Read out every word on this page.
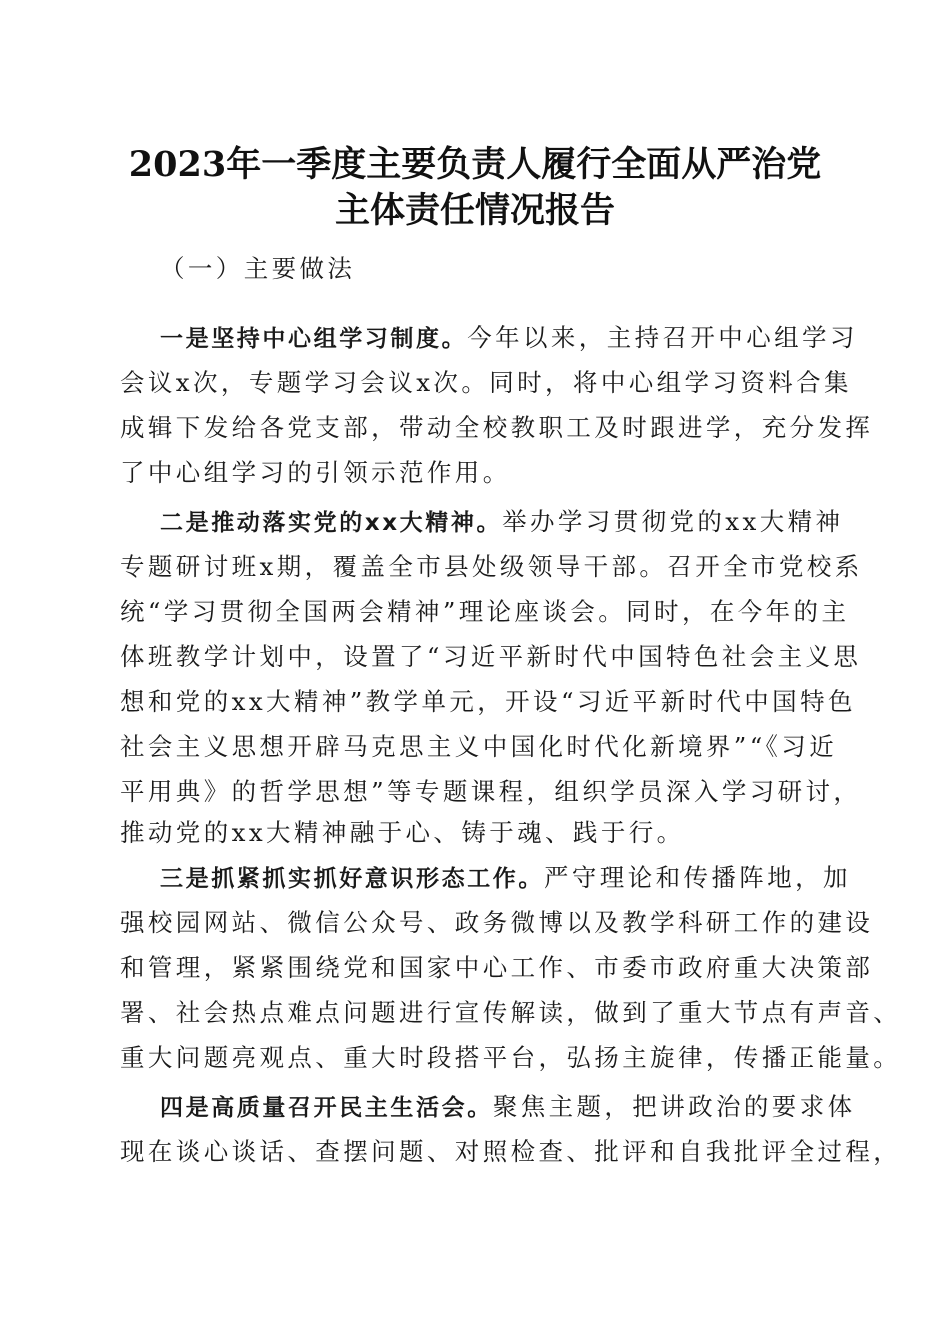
2023年一季度主要负责人履行全面从严治党
主体责任情况报告
（一）主要做法
一是坚持中心组学习制度。今年以来，主持召开中心组学习
会议x次，专题学习会议x次。同时，将中心组学习资料合集
成辑下发给各党支部，带动全校教职工及时跟进学，充分发挥
了中心组学习的引领示范作用。
二是推动落实党的xx大精神。举办学习贯彻党的xx大精神
专题研讨班x期，覆盖全市县处级领导干部。召开全市党校系
统“学习贯彻全国两会精神”理论座谈会。同时，在今年的主
体班教学计划中，设置了“习近平新时代中国特色社会主义思
想和党的xx大精神”教学单元，开设“习近平新时代中国特色
社会主义思想开辟马克思主义中国化时代化新境界”“《习近
平用典》的哲学思想”等专题课程，组织学员深入学习研讨，
推动党的xx大精神融于心、铸于魂、践于行。
三是抓紧抓实抓好意识形态工作。严守理论和传播阵地，加
强校园网站、微信公众号、政务微博以及教学科研工作的建设
和管理，紧紧围绕党和国家中心工作、市委市政府重大决策部
署、社会热点难点问题进行宣传解读，做到了重大节点有声音、
重大问题亮观点、重大时段搭平台，弘扬主旋律，传播正能量。
四是高质量召开民主生活会。聚焦主题，把讲政治的要求体
现在谈心谈话、查摆问题、对照检查、批评和自我批评全过程，
